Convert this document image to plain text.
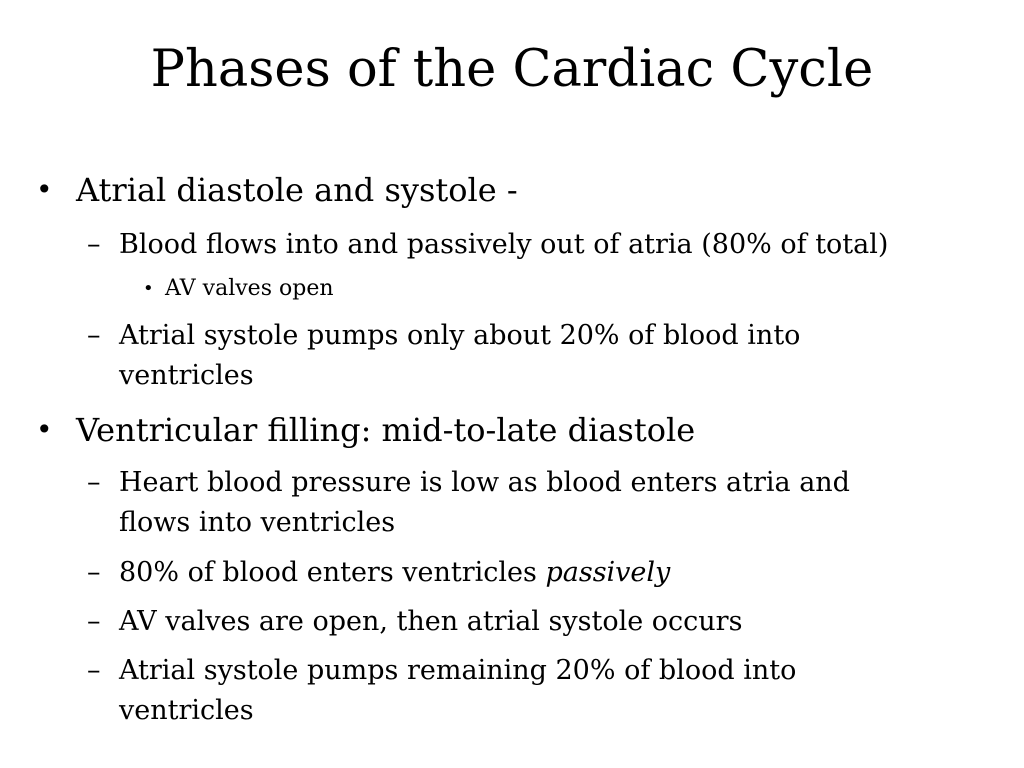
Phases of the Cardiac Cycle
• Atrial diastole and systole -
– Blood flows into and passively out of atria (80% of total)
• AV valves open
– Atrial systole pumps only about 20% of blood into
ventricles
• Ventricular filling: mid-to-late diastole
– Heart blood pressure is low as blood enters atria and
flows into ventricles
– 80% of blood enters ventricles passively
– AV valves are open, then atrial systole occurs
– Atrial systole pumps remaining 20% of blood into
ventricles
